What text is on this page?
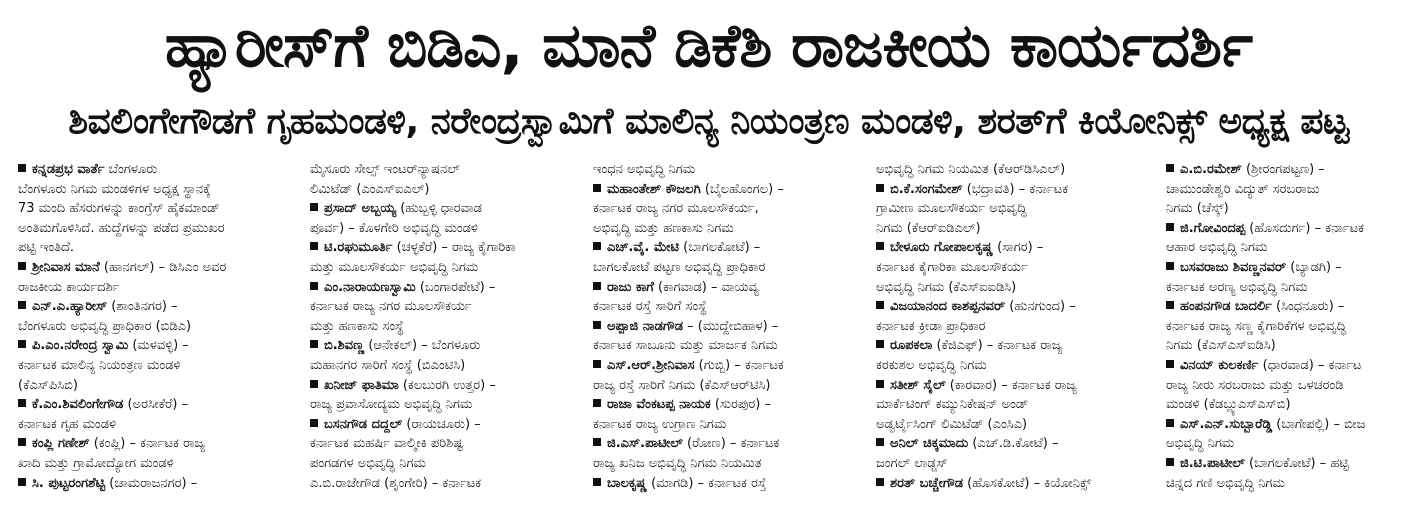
ಹ್ಯಾರೀಸ್‌ಗೆ ಬಿಡಿಎ, ಮಾನೆ ಡಿಕೆಶಿ ರಾಜಕೀಯ ಕಾರ್ಯದರ್ಶಿ
ಶಿವಲಿಂಗೇಗೌಡಗೆ ಗೃಹಮಂಡಳಿ, ನರೇಂದ್ರಸ್ವಾಮಿಗೆ ಮಾಲಿನ್ಯ ನಿಯಂತ್ರಣ ಮಂಡಳಿ, ಶರತ್‌ಗೆ ಕಿಯೋನಿಕ್ಸ್ ಅಧ್ಯಕ್ಷ ಪಟ್ಟ
ಕನ್ನಡಪ್ರಭ ವಾರ್ತೆ ಬೆಂಗಳೂರು
ಬೆಂಗಳೂರು ನಿಗಮ ಮಂಡಳಿಗಳ ಅಧ್ಯಕ್ಷ ಸ್ಥಾನಕ್ಕೆ
73 ಮಂದಿ ಹೆಸರುಗಳನ್ನು ಕಾಂಗ್ರೆಸ್ ಹೈಕಮಾಂಡ್
ಅಂತಿಮಗೊಳಿಸಿದೆ. ಹುದ್ದೆಗಳನ್ನು ಪಡೆದ ಪ್ರಮುಖರ
ಪಟ್ಟಿ ಇಂತಿದೆ.
ಶ್ರೀನಿವಾಸ ಮಾನೆ (ಹಾನಗಲ್) – ಡಿಸಿಎಂ ಅವರ
ರಾಜಕೀಯ ಕಾರ್ಯದರ್ಶಿ
ಎನ್.ಎ.ಹ್ಯಾರೀಸ್ (ಶಾಂತಿನಗರ) –
ಬೆಂಗಳೂರು ಅಭಿವೃದ್ಧಿ ಪ್ರಾಧಿಕಾರ (ಬಿಡಿಎ)
ಪಿ.ಎಂ.ನರೇಂದ್ರ ಸ್ವಾಮಿ (ಮಳವಳ್ಳಿ) –
ಕರ್ನಾಟಕ ಮಾಲಿನ್ಯ ನಿಯಂತ್ರಣ ಮಂಡಳಿ
(ಕೆಎಸ್‌ಪಿಸಿಬಿ)
ಕೆ.ಎಂ.ಶಿವಲಿಂಗೇಗೌಡ (ಅರಸೀಕೆರೆ) –
ಕರ್ನಾಟಕ ಗೃಹ ಮಂಡಳಿ
ಕಂಪ್ಲಿ ಗಣೇಶ್ (ಕಂಪ್ಲಿ) – ಕರ್ನಾಟಕ ರಾಜ್ಯ
ಖಾದಿ ಮತ್ತು ಗ್ರಾಮೋದ್ಯೋಗ ಮಂಡಳಿ
ಸಿ. ಪುಟ್ಟರಂಗಶೆಟ್ಟಿ (ಚಾಮರಾಜನಗರ) –
ಮೈಸೂರು ಸೇಲ್ಸ್ ಇಂಟರ್‌ನ್ಯಾಷನಲ್
ಲಿಮಿಟೆಡ್ (ಎಂಎಸ್‌ಐಎಲ್)
ಪ್ರಸಾದ್ ಅಬ್ಬಯ್ಯ (ಹುಬ್ಬಳ್ಳಿ ಧಾರವಾಡ
ಪೂರ್ವ) – ಕೊಳಗೇರಿ ಅಭಿವೃದ್ಧಿ ಮಂಡಳಿ
ಟಿ.ರಘುಮೂರ್ತಿ (ಚಳ್ಳಕೆರೆ) – ರಾಜ್ಯ ಕೈಗಾರಿಕಾ
ಮತ್ತು ಮೂಲಸೌಕರ್ಯ ಅಭಿವೃದ್ಧಿ ನಿಗಮ
ಎಂ.ನಾರಾಯಣಸ್ವಾಮಿ (ಬಂಗಾರಪೇಟೆ) –
ಕರ್ನಾಟಕ ರಾಜ್ಯ ನಗರ ಮೂಲಸೌಕರ್ಯ
ಮತ್ತು ಹಣಕಾಸು ಸಂಸ್ಥೆ
ಬಿ.ಶಿವಣ್ಣ (ಆನೇಕಲ್) – ಬೆಂಗಳೂರು
ಮಹಾನಗರ ಸಾರಿಗೆ ಸಂಸ್ಥೆ (ಬಿಎಂಟಿಸಿ)
ಖನೀಜ್ ಫಾತಿಮಾ (ಕಲಬುರಗಿ ಉತ್ತರ) –
ರಾಜ್ಯ ಪ್ರವಾಸೋದ್ಯಮ ಅಭಿವೃದ್ಧಿ ನಿಗಮ
ಬಸನಗೌಡ ದದ್ದಲ್ (ರಾಯಚೂರು) –
ಕರ್ನಾಟಕ ಮಹರ್ಷಿ ವಾಲ್ಮೀಕಿ ಪರಿಶಿಷ್ಟ
ಪಂಗಡಗಳ ಅಭಿವೃದ್ಧಿ ನಿಗಮ
ಎ.ಬಿ.ರಾಜೇಗೌಡ (ಶೃಂಗೇರಿ) – ಕರ್ನಾಟಕ
ಇಂಧನ ಅಭಿವೃದ್ಧಿ ನಿಗಮ
ಮಹಾಂತೇಶ್ ಕೌಜಲಗಿ (ಬೈಲಹೊಂಗಲ) –
ಕರ್ನಾಟಕ ರಾಜ್ಯ ನಗರ ಮೂಲಸೌಕರ್ಯ,
ಅಭಿವೃದ್ಧಿ ಮತ್ತು ಹಣಕಾಸು ನಿಗಮ
ಎಚ್.ವೈ. ಮೇಟಿ (ಬಾಗಲಕೋಟೆ) –
ಬಾಗಲಕೋಟೆ ಪಟ್ಟಣ ಅಭಿವೃದ್ಧಿ ಪ್ರಾಧಿಕಾರ
ರಾಜು ಕಾಗೆ (ಕಾಗವಾಡ) – ವಾಯವ್ಯ
ಕರ್ನಾಟಕ ರಸ್ತೆ ಸಾರಿಗೆ ಸಂಸ್ಥೆ
ಅಪ್ಪಾಜಿ ನಾಡಗೌಡ – (ಮುದ್ದೇಬಿಹಾಳ) –
ಕರ್ನಾಟಕ ಸಾಬೂನು ಮತ್ತು ಮಾರ್ಜಕ ನಿಗಮ
ಎಸ್.ಆರ್.ಶ್ರೀನಿವಾಸ (ಗುಬ್ಬಿ) – ಕರ್ನಾಟಕ
ರಾಜ್ಯ ರಸ್ತೆ ಸಾರಿಗೆ ನಿಗಮ (ಕೆಎಸ್ಆರ್‌ಟಿಸಿ)
ರಾಜಾ ವೆಂಕಟಪ್ಪ ನಾಯಕ (ಸುರಪುರ) –
ಕರ್ನಾಟಕ ರಾಜ್ಯ ಉಗ್ರಾಣ ನಿಗಮ
ಜಿ.ಎಸ್.ಪಾಟೀಲ್ (ರೋಣ) – ಕರ್ನಾಟಕ
ರಾಜ್ಯ ಖನಿಜ ಅಭಿವೃದ್ಧಿ ನಿಗಮ ನಿಯಮಿತ
ಬಾಲಕೃಷ್ಣ (ಮಾಗಡಿ) – ಕರ್ನಾಟಕ ರಸ್ತೆ
ಅಭಿವೃದ್ಧಿ ನಿಗಮ ನಿಯಮಿತ (ಕೆಆರ್‌ಡಿಸಿಎಲ್)
ಬಿ.ಕೆ.ಸಂಗಮೇಶ್ (ಭದ್ರಾವತಿ) – ಕರ್ನಾಟಕ
ಗ್ರಾಮೀಣ ಮೂಲಸೌಕರ್ಯ ಅಭಿವೃದ್ಧಿ
ನಿಗಮ (ಕೆಆರ್‌ಐಡಿಎಲ್)
ಬೇಳೂರು ಗೋಪಾಲಕೃಷ್ಣ (ಸಾಗರ) –
ಕರ್ನಾಟಕ ಕೈಗಾರಿಕಾ ಮೂಲಸೌಕರ್ಯ
ಅಭಿವೃದ್ಧಿ ನಿಗಮ (ಕೆಎಸ್‌ಐಐಡಿಸಿ)
ವಿಜಯಾನಂದ ಕಾಶಪ್ಪನವರ್ (ಹುನಗುಂದ) –
ಕರ್ನಾಟಕ ಕ್ರೀಡಾ ಪ್ರಾಧಿಕಾರ
ರೂಪಕಲಾ (ಕೆಜಿಎಫ್) – ಕರ್ನಾಟಕ ರಾಜ್ಯ
ಕರಕುಶಲ ಅಭಿವೃದ್ಧಿ ನಿಗಮ
ಸತೀಶ್ ಸೈಲ್ (ಕಾರವಾರ) – ಕರ್ನಾಟಕ ರಾಜ್ಯ
ಮಾರ್ಕೆಟಿಂಗ್ ಕಮ್ಯುನಿಕೇಷನ್ ಅಂಡ್
ಅಡ್ವರ್ಟೈಸಿಂಗ್ ಲಿಮಿಟೆಡ್ (ಎಂಸಿಎ)
ಅನಿಲ್ ಚಿಕ್ಕಮಾದು (ಎಚ್.ಡಿ.ಕೋಟೆ) –
ಜಂಗಲ್ ಲಾಡ್ಜಸ್
ಶರತ್ ಬಚ್ಚೇಗೌಡ (ಹೊಸಕೋಟೆ) – ಕಿಯೋನಿಕ್ಸ್
ಎ.ಬಿ.ರಮೇಶ್ (ಶ್ರೀರಂಗಪಟ್ಟಣ) –
ಚಾಮುಂಡೇಶ್ವರಿ ವಿದ್ಯುತ್ ಸರಬರಾಜು
ನಿಗಮ (ಚೆಸ್ಕ್)
ಜಿ.ಗೋವಿಂದಪ್ಪ (ಹೊಸದುರ್ಗ) – ಕರ್ನಾಟಕ
ಆಹಾರ ಅಭಿವೃದ್ಧಿ ನಿಗಮ
ಬಸವರಾಜು ಶಿವಣ್ಣನವರ್ (ಬ್ಯಾಡಗಿ) –
ಕರ್ನಾಟಕ ಅರಣ್ಯ ಅಭಿವೃದ್ಧಿ ನಿಗಮ
ಹಂಪನಗೌಡ ಬಾದರ್ಲಿ (ಸಿಂಧನೂರು) –
ಕರ್ನಾಟಕ ರಾಜ್ಯ ಸಣ್ಣ ಕೈಗಾರಿಕೆಗಳ ಅಭಿವೃದ್ಧಿ
ನಿಗಮ (ಕೆಎಸ್‌ಎಸ್‌ಐಡಿಸಿ)
ವಿನಯ್ ಕುಲಕರ್ಣಿ (ಧಾರವಾಡ) – ಕರ್ನಾಟ
ರಾಜ್ಯ ನೀರು ಸರಬರಾಜು ಮತ್ತು ಒಳಚರಂಡಿ
ಮಂಡಳಿ (ಕೆಡಬ್ಲ್ಯುಎಸ್‌ಎಸ್‌ಬಿ)
ಎಸ್.ಎನ್.ಸುಬ್ಬಾರೆಡ್ಡಿ (ಬಾಗೇಪಲ್ಲಿ) – ಬೀಜ
ಅಭಿವೃದ್ಧಿ ನಿಗಮ
ಜಿ.ಟಿ.ಪಾಟೀಲ್ (ಬಾಗಲಕೋಟೆ) – ಹಟ್ಟಿ
ಚಿನ್ನದ ಗಣಿ ಅಭಿವೃದ್ಧಿ ನಿಗಮ
